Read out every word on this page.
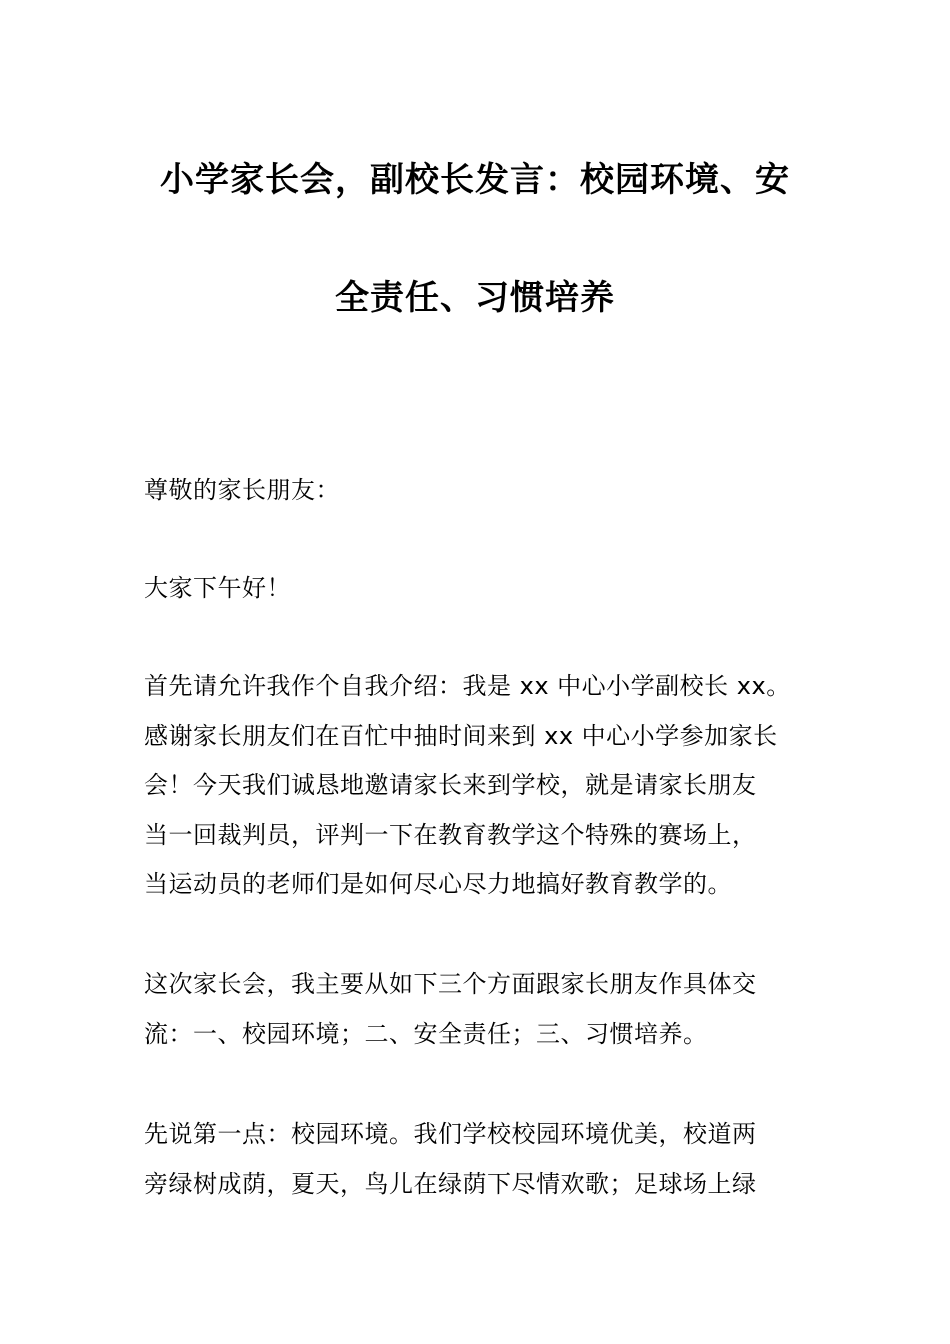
小学家长会，副校长发言：校园环境、安
全责任、习惯培养
尊敬的家长朋友：
大家下午好！
首先请允许我作个自我介绍：我是 xx 中心小学副校长 xx。
感谢家长朋友们在百忙中抽时间来到 xx 中心小学参加家长
会！今天我们诚恳地邀请家长来到学校，就是请家长朋友
当一回裁判员，评判一下在教育教学这个特殊的赛场上，
当运动员的老师们是如何尽心尽力地搞好教育教学的。
这次家长会，我主要从如下三个方面跟家长朋友作具体交
流：一、校园环境；二、安全责任；三、习惯培养。
先说第一点：校园环境。我们学校校园环境优美，校道两
旁绿树成荫，夏天，鸟儿在绿荫下尽情欢歌；足球场上绿
